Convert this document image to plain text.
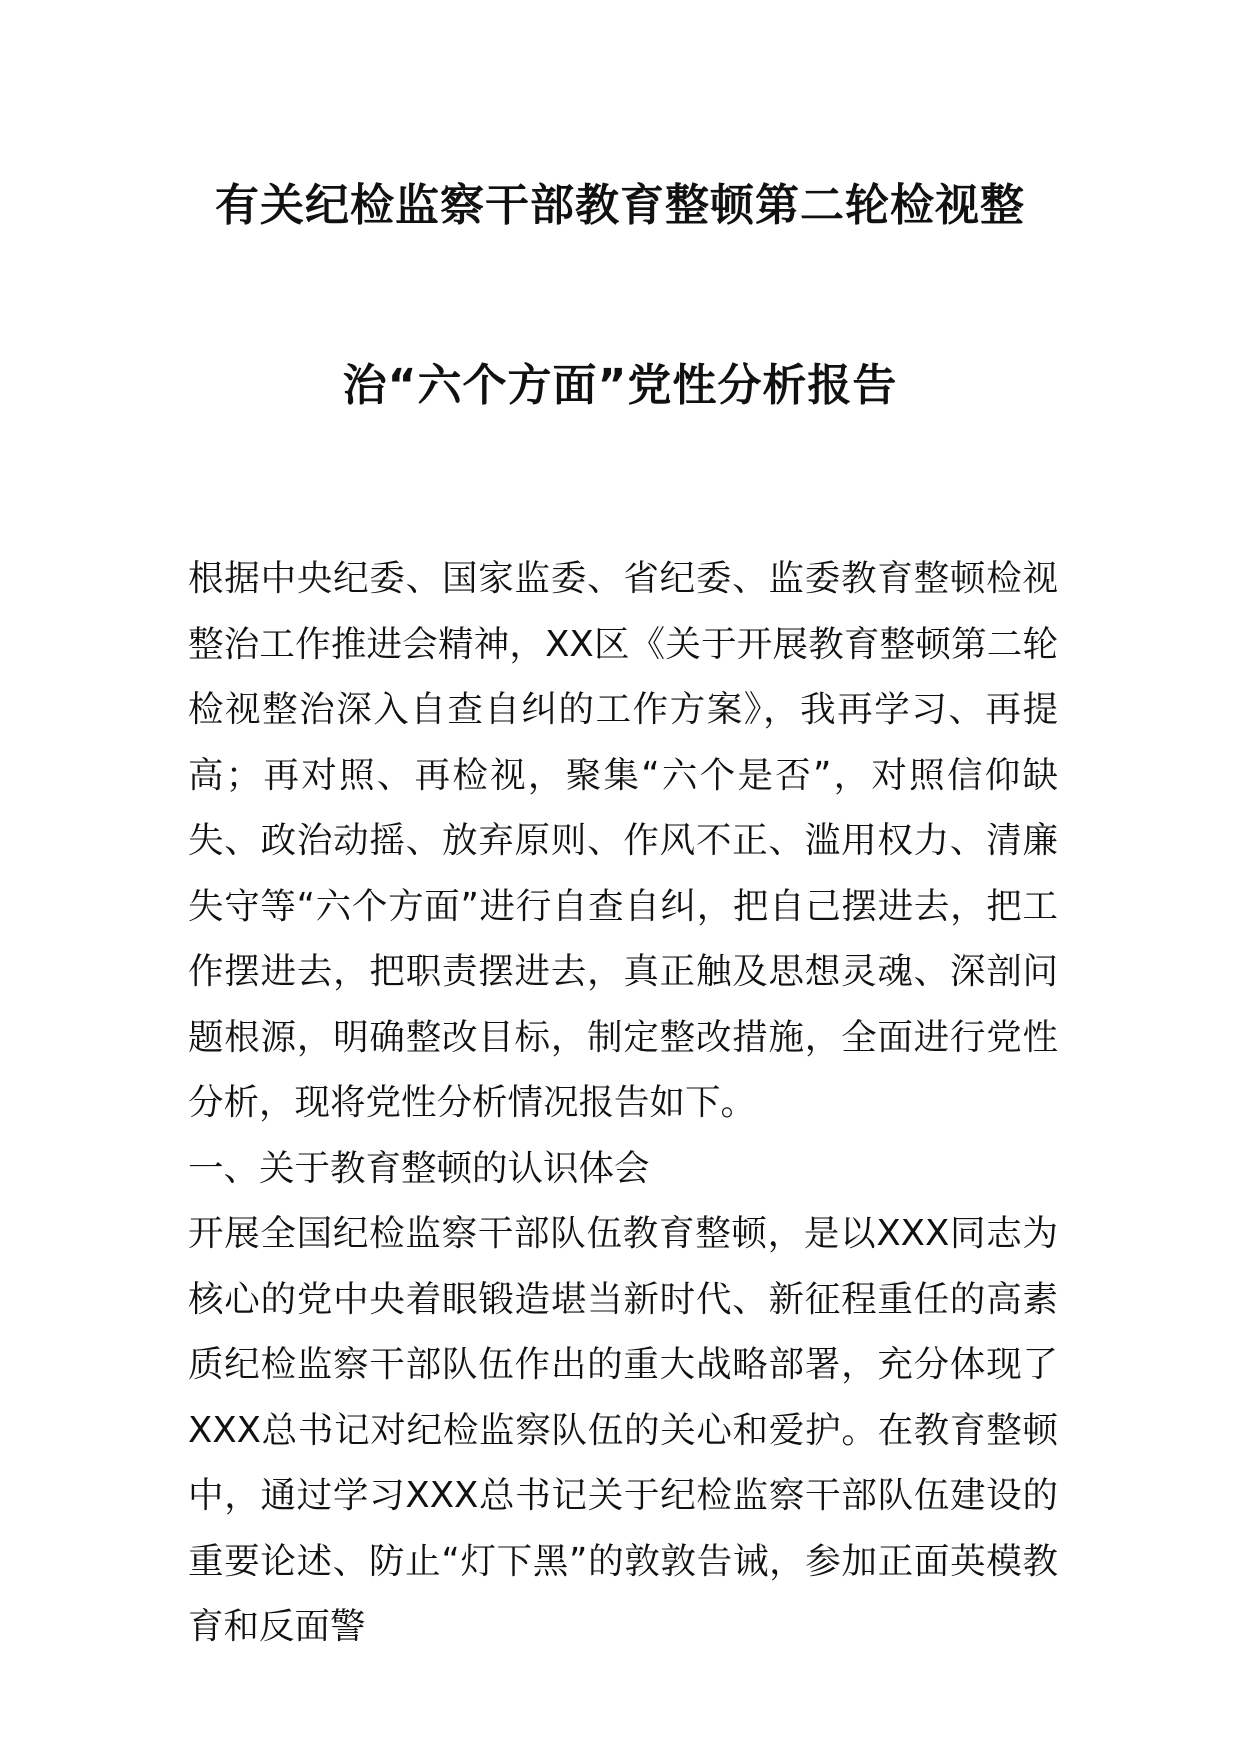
有关纪检监察干部教育整顿第二轮检视整
治“六个方面”党性分析报告

根据中央纪委、国家监委、省纪委、监委教育整顿检视整治工作推进会精神，XX区《关于开展教育整顿第二轮检视整治深入自查自纠的工作方案》，我再学习、再提高；再对照、再检视，聚集“六个是否”，对照信仰缺失、政治动摇、放弃原则、作风不正、滥用权力、清廉失守等“六个方面”进行自查自纠，把自己摆进去，把工作摆进去，把职责摆进去，真正触及思想灵魂、深剖问题根源，明确整改目标，制定整改措施，全面进行党性分析，现将党性分析情况报告如下。

一、关于教育整顿的认识体会

开展全国纪检监察干部队伍教育整顿，是以XXX同志为核心的党中央着眼锻造堪当新时代、新征程重任的高素质纪检监察干部队伍作出的重大战略部署，充分体现了XXX总书记对纪检监察队伍的关心和爱护。在教育整顿中，通过学习XXX总书记关于纪检监察干部队伍建设的重要论述、防止“灯下黑”的敦敦告诫，参加正面英模教育和反面警
